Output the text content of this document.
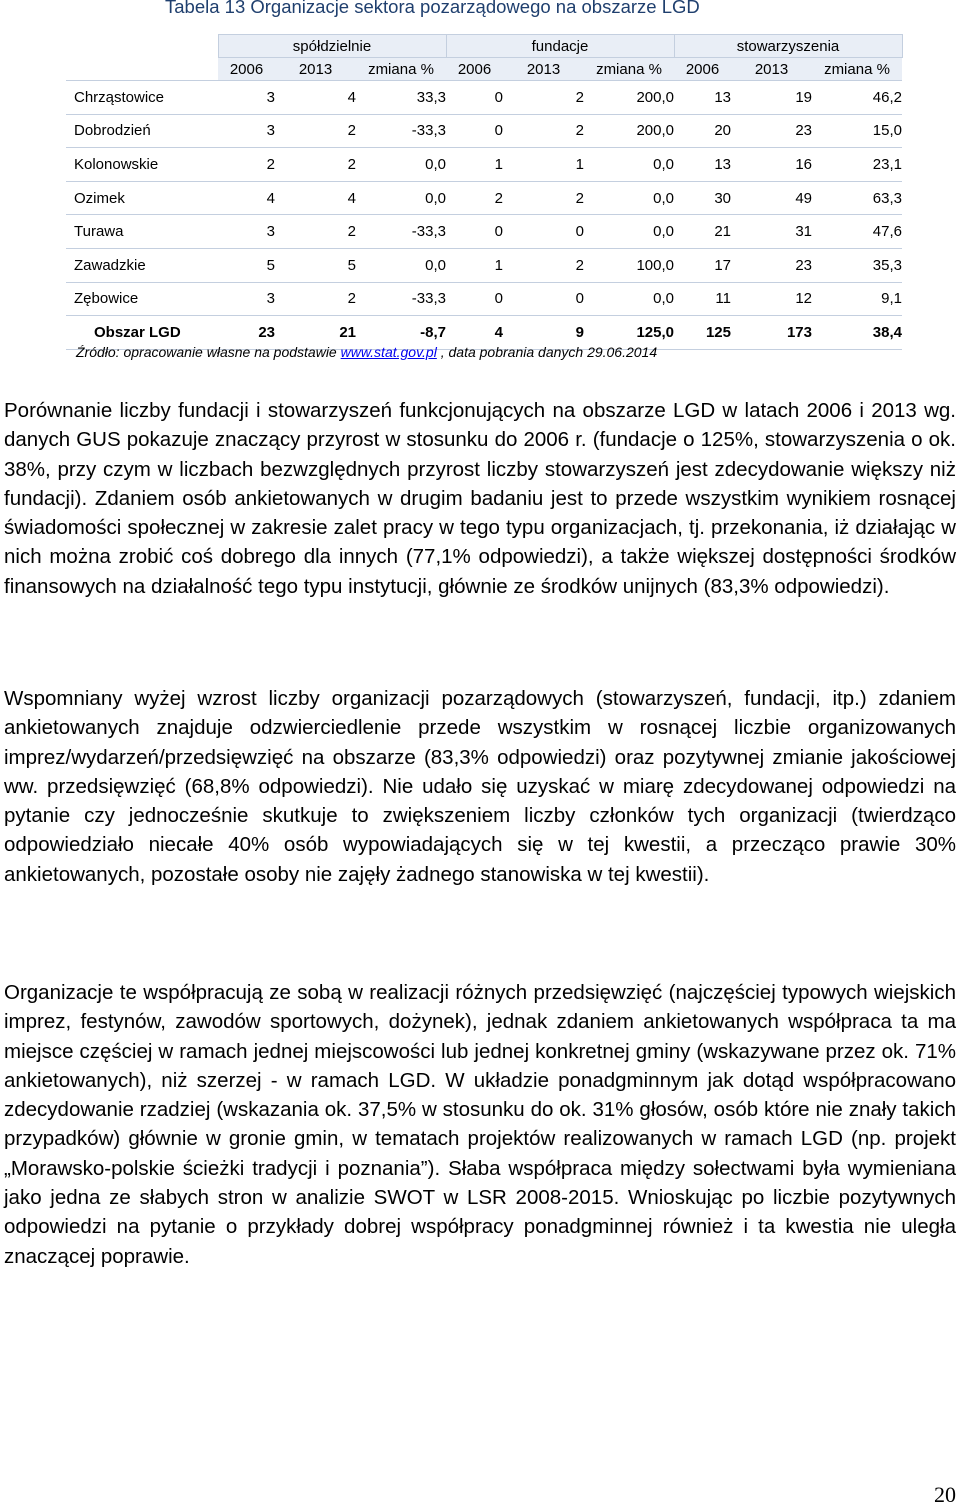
Tabela 13 Organizacje sektora pozarządowego na obszarze LGD
	spółdzielnie			fundacje			stowarzyszenia		
	2006	2013	zmiana %	2006	2013	zmiana %	2006	2013	zmiana %
Chrząstowice	3	4	33,3	0	2	200,0	13	19	46,2
Dobrodzień	3	2	-33,3	0	2	200,0	20	23	15,0
Kolonowskie	2	2	0,0	1	1	0,0	13	16	23,1
Ozimek	4	4	0,0	2	2	0,0	30	49	63,3
Turawa	3	2	-33,3	0	0	0,0	21	31	47,6
Zawadzkie	5	5	0,0	1	2	100,0	17	23	35,3
Zębowice	3	2	-33,3	0	0	0,0	11	12	9,1
Obszar LGD	23	21	-8,7	4	9	125,0	125	173	38,4
Źródło: opracowanie własne na podstawie www.stat.gov.pl , data pobrania danych 29.06.2014

Porównanie liczby fundacji i stowarzyszeń funkcjonujących na obszarze LGD w latach 2006 i 2013 wg. danych GUS pokazuje znaczący przyrost w stosunku do 2006 r. (fundacje o 125%, stowarzyszenia o ok. 38%, przy czym w liczbach bezwzględnych przyrost liczby stowarzyszeń jest zdecydowanie większy niż fundacji). Zdaniem osób ankietowanych w drugim badaniu jest to przede wszystkim wynikiem rosnącej świadomości społecznej w zakresie zalet pracy w tego typu organizacjach, tj. przekonania, iż działając w nich można zrobić coś dobrego dla innych (77,1% odpowiedzi), a także większej dostępności środków finansowych na działalność tego typu instytucji, głównie ze środków unijnych (83,3% odpowiedzi).

Wspomniany wyżej wzrost liczby organizacji pozarządowych (stowarzyszeń, fundacji, itp.) zdaniem ankietowanych znajduje odzwierciedlenie przede wszystkim w rosnącej liczbie organizowanych imprez/wydarzeń/przedsięwzięć na obszarze (83,3% odpowiedzi) oraz pozytywnej zmianie jakościowej ww. przedsięwzięć (68,8% odpowiedzi). Nie udało się uzyskać w miarę zdecydowanej odpowiedzi na pytanie czy jednocześnie skutkuje to zwiększeniem liczby członków tych organizacji (twierdząco odpowiedziało niecałe 40% osób wypowiadających się w tej kwestii, a przecząco prawie 30% ankietowanych, pozostałe osoby nie zajęły żadnego stanowiska w tej kwestii).

Organizacje te współpracują ze sobą w realizacji różnych przedsięwzięć (najczęściej typowych wiejskich imprez, festynów, zawodów sportowych, dożynek), jednak zdaniem ankietowanych współpraca ta ma miejsce częściej w ramach jednej miejscowości lub jednej konkretnej gminy (wskazywane przez ok. 71% ankietowanych), niż szerzej - w ramach LGD. W układzie ponadgminnym jak dotąd współpracowano zdecydowanie rzadziej (wskazania ok. 37,5% w stosunku do ok. 31% głosów, osób które nie znały takich przypadków) głównie w gronie gmin, w tematach projektów realizowanych w ramach LGD (np. projekt „Morawsko-polskie ścieżki tradycji i poznania”). Słaba współpraca między sołectwami była wymieniana jako jedna ze słabych stron w analizie SWOT w LSR 2008-2015. Wnioskując po liczbie pozytywnych odpowiedzi na pytanie o przykłady dobrej współpracy ponadgminnej również i ta kwestia nie uległa znaczącej poprawie.

20
